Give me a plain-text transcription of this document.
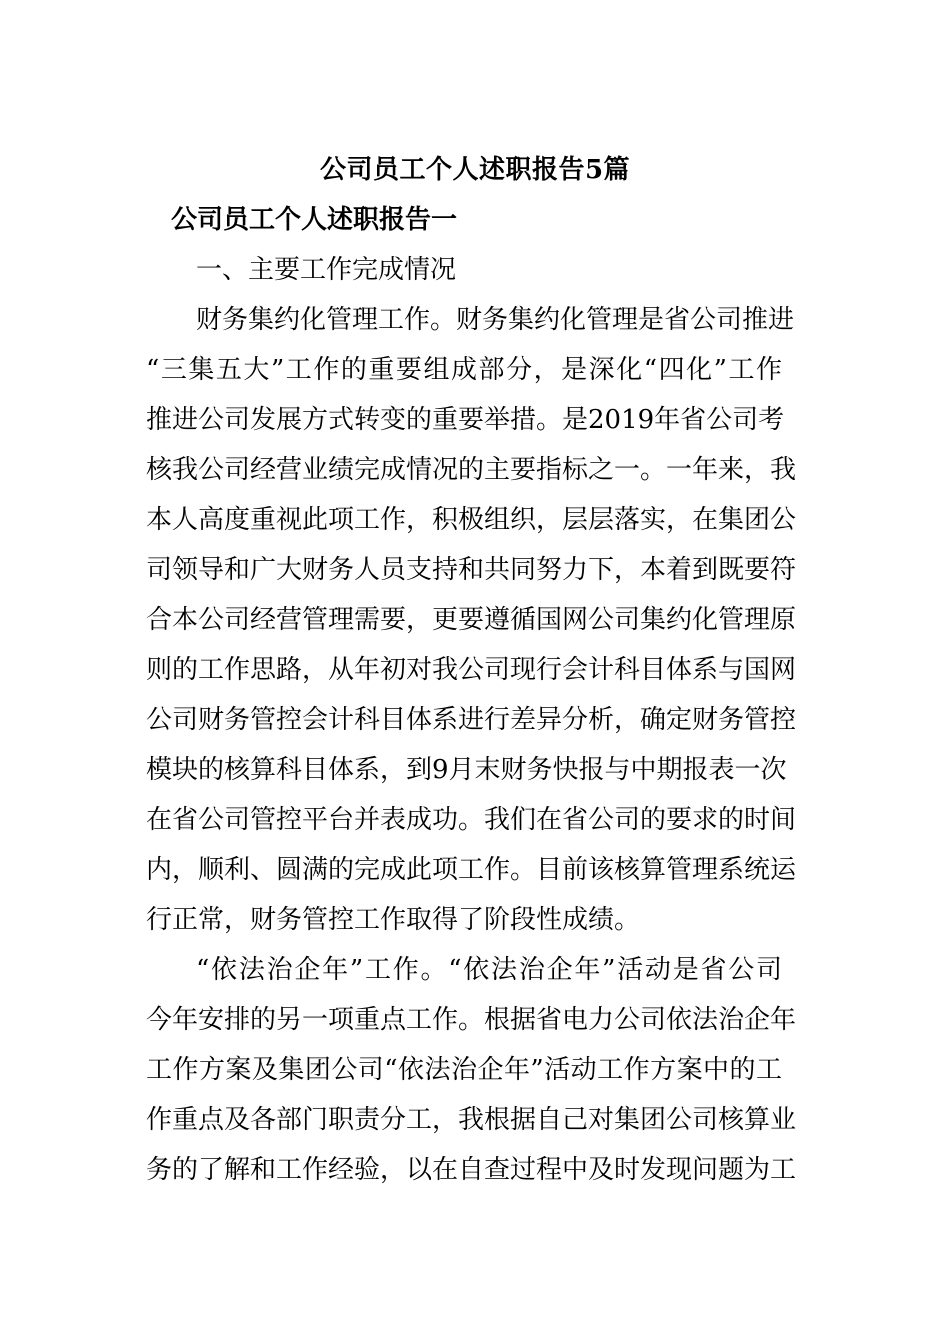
公司员工个人述职报告5篇
公司员工个人述职报告一
一、主要工作完成情况
财务集约化管理工作。财务集约化管理是省公司推进
“三集五大”工作的重要组成部分，是深化“四化”工作
推进公司发展方式转变的重要举措。是2019年省公司考
核我公司经营业绩完成情况的主要指标之一。一年来，我
本人高度重视此项工作，积极组织，层层落实，在集团公
司领导和广大财务人员支持和共同努力下，本着到既要符
合本公司经营管理需要，更要遵循国网公司集约化管理原
则的工作思路，从年初对我公司现行会计科目体系与国网
公司财务管控会计科目体系进行差异分析，确定财务管控
模块的核算科目体系，到9月末财务快报与中期报表一次
在省公司管控平台并表成功。我们在省公司的要求的时间
内，顺利、圆满的完成此项工作。目前该核算管理系统运
行正常，财务管控工作取得了阶段性成绩。
“依法治企年”工作。“依法治企年”活动是省公司
今年安排的另一项重点工作。根据省电力公司依法治企年
工作方案及集团公司“依法治企年”活动工作方案中的工
作重点及各部门职责分工，我根据自己对集团公司核算业
务的了解和工作经验，以在自查过程中及时发现问题为工
